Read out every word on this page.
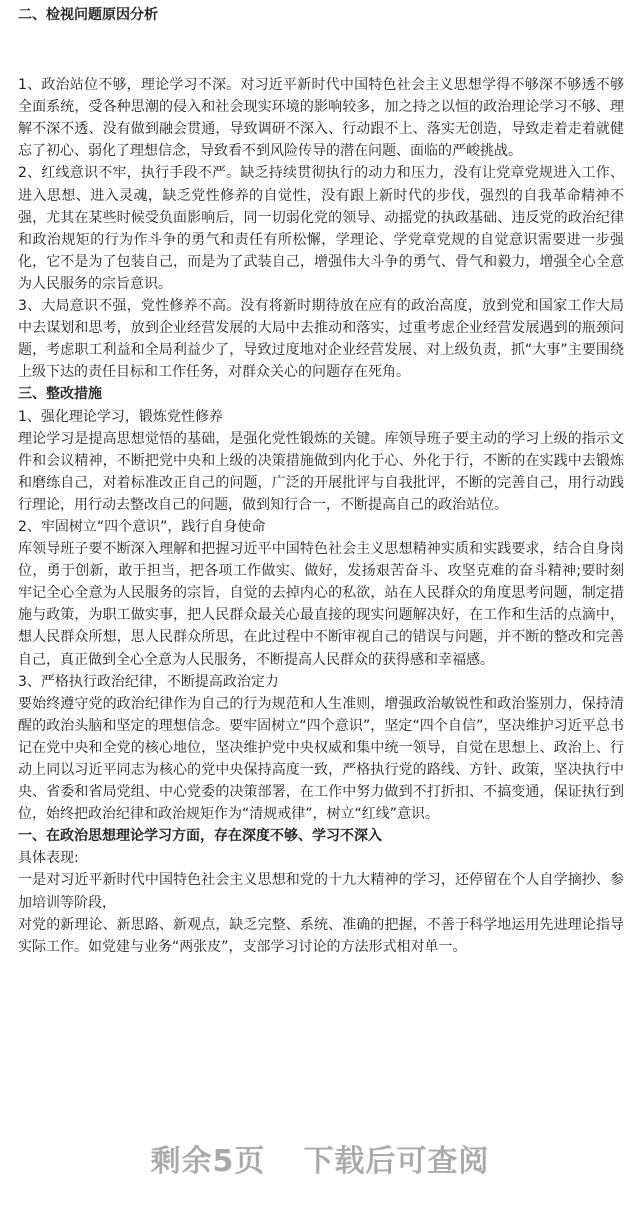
二、检视问题原因分析

1、政治站位不够，理论学习不深。对习近平新时代中国特色社会主义思想学得不够深不够透不够全面系统，受各种思潮的侵入和社会现实环境的影响较多，加之持之以恒的政治理论学习不够、理解不深不透、没有做到融会贯通，导致调研不深入、行动跟不上、落实无创造，导致走着走着就健忘了初心、弱化了理想信念，导致看不到风险传导的潜在问题、面临的严峻挑战。

2、红线意识不牢，执行手段不严。缺乏持续贯彻执行的动力和压力，没有让党章党规进入工作、进入思想、进入灵魂，缺乏党性修养的自觉性，没有跟上新时代的步伐，强烈的自我革命精神不强，尤其在某些时候受负面影响后，同一切弱化党的领导、动摇党的执政基础、违反党的政治纪律和政治规矩的行为作斗争的勇气和责任有所松懈，学理论、学党章党规的自觉意识需要进一步强化，它不是为了包装自己，而是为了武装自己，增强伟大斗争的勇气、骨气和毅力，增强全心全意为人民服务的宗旨意识。

3、大局意识不强，党性修养不高。没有将新时期待放在应有的政治高度，放到党和国家工作大局中去谋划和思考，放到企业经营发展的大局中去推动和落实，过重考虑企业经营发展遇到的瓶颈问题，考虑职工利益和全局利益少了，导致过度地对企业经营发展、对上级负责，抓“大事”主要围绕上级下达的责任目标和工作任务，对群众关心的问题存在死角。

三、整改措施

1、强化理论学习，锻炼党性修养

理论学习是提高思想觉悟的基础，是强化党性锻炼的关键。库领导班子要主动的学习上级的指示文件和会议精神，不断把党中央和上级的决策措施做到内化于心、外化于行，不断的在实践中去锻炼和磨练自己，对着标准改正自己的问题，广泛的开展批评与自我批评，不断的完善自己，用行动践行理论，用行动去整改自己的问题，做到知行合一，不断提高自己的政治站位。

2、牢固树立“四个意识”，践行自身使命

库领导班子要不断深入理解和把握习近平中国特色社会主义思想精神实质和实践要求，结合自身岗位，勇于创新，敢于担当，把各项工作做实、做好，发扬艰苦奋斗、攻坚克难的奋斗精神;要时刻牢记全心全意为人民服务的宗旨，自觉的去掉内心的私欲，站在人民群众的角度思考问题，制定措施与政策，为职工做实事，把人民群众最关心最直接的现实问题解决好，在工作和生活的点滴中，想人民群众所想，思人民群众所思，在此过程中不断审视自己的错误与问题，并不断的整改和完善自己，真正做到全心全意为人民服务，不断提高人民群众的获得感和幸福感。

3、严格执行政治纪律，不断提高政治定力

要始终遵守党的政治纪律作为自己的行为规范和人生准则，增强政治敏锐性和政治鉴别力，保持清醒的政治头脑和坚定的理想信念。要牢固树立“四个意识”，坚定“四个自信”，坚决维护习近平总书记在党中央和全党的核心地位，坚决维护党中央权威和集中统一领导，自觉在思想上、政治上、行动上同以习近平同志为核心的党中央保持高度一致，严格执行党的路线、方针、政策，坚决执行中央、省委和省局党组、中心党委的决策部署，在工作中努力做到不打折扣、不搞变通，保证执行到位，始终把政治纪律和政治规矩作为“清规戒律”，树立“红线”意识。

一、在政治思想理论学习方面，存在深度不够、学习不深入

具体表现:

一是对习近平新时代中国特色社会主义思想和党的十九大精神的学习，还停留在个人自学摘抄、参加培训等阶段，

对党的新理论、新思路、新观点，缺乏完整、系统、准确的把握，不善于科学地运用先进理论指导实际工作。如党建与业务“两张皮”，支部学习讨论的方法形式相对单一。

剩余5页 下载后可查阅
